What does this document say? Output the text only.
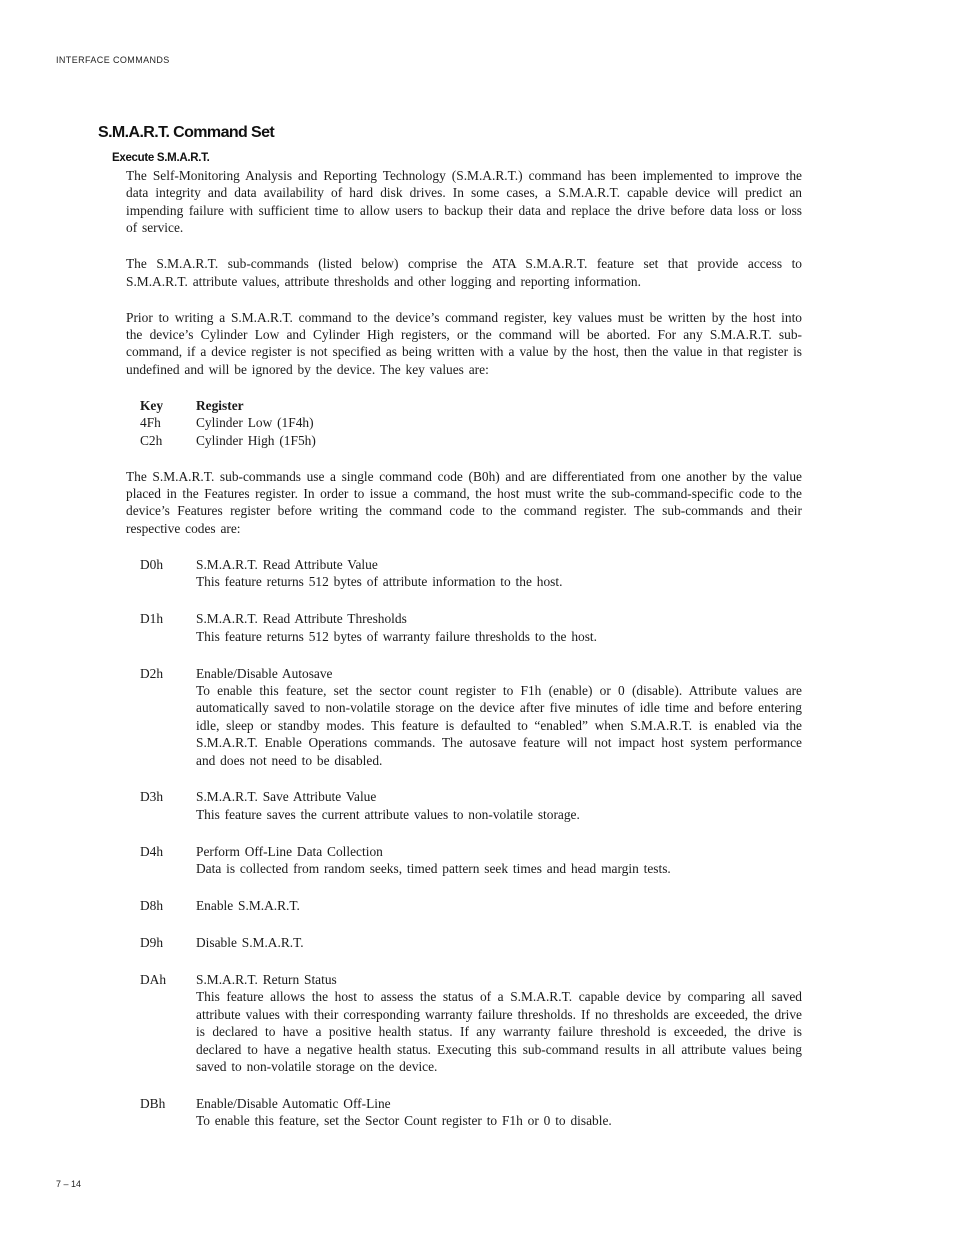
INTERFACE COMMANDS
S.M.A.R.T. Command Set
Execute S.M.A.R.T.

The Self-Monitoring Analysis and Reporting Technology (S.M.A.R.T.) command has been implemented to improve the data integrity and data availability of hard disk drives. In some cases, a S.M.A.R.T. capable device will predict an impending failure with sufficient time to allow users to backup their data and replace the drive before data loss or loss of service.

The S.M.A.R.T. sub-commands (listed below) comprise the ATA S.M.A.R.T. feature set that provide access to S.M.A.R.T. attribute values, attribute thresholds and other logging and reporting information.

Prior to writing a S.M.A.R.T. command to the device’s command register, key values must be written by the host into the device’s Cylinder Low and Cylinder High registers, or the command will be aborted. For any S.M.A.R.T. sub-command, if a device register is not specified as being written with a value by the host, then the value in that register is undefined and will be ignored by the device. The key values are:

Key	Register
4Fh	Cylinder Low (1F4h)
C2h	Cylinder High (1F5h)

The S.M.A.R.T. sub-commands use a single command code (B0h) and are differentiated from one another by the value placed in the Features register. In order to issue a command, the host must write the sub-command-specific code to the device’s Features register before writing the command code to the command register. The sub-commands and their respective codes are:

D0h	S.M.A.R.T. Read Attribute Value
This feature returns 512 bytes of attribute information to the host.
D1h	S.M.A.R.T. Read Attribute Thresholds
This feature returns 512 bytes of warranty failure thresholds to the host.
D2h	Enable/Disable Autosave
To enable this feature, set the sector count register to F1h (enable) or 0 (disable). Attribute values are automatically saved to non-volatile storage on the device after five minutes of idle time and before entering idle, sleep or standby modes. This feature is defaulted to “enabled” when S.M.A.R.T. is enabled via the S.M.A.R.T. Enable Operations commands. The autosave feature will not impact host system performance and does not need to be disabled.
D3h	S.M.A.R.T. Save Attribute Value
This feature saves the current attribute values to non-volatile storage.
D4h	Perform Off-Line Data Collection
Data is collected from random seeks, timed pattern seek times and head margin tests.
D8h	Enable S.M.A.R.T.
D9h	Disable S.M.A.R.T.
DAh	S.M.A.R.T. Return Status
This feature allows the host to assess the status of a S.M.A.R.T. capable device by comparing all saved attribute values with their corresponding warranty failure thresholds. If no thresholds are exceeded, the drive is declared to have a positive health status. If any warranty failure threshold is exceeded, the drive is declared to have a negative health status. Executing this sub-command results in all attribute values being saved to non-volatile storage on the device.
DBh	Enable/Disable Automatic Off-Line
To enable this feature, set the Sector Count register to F1h or 0 to disable.
7 – 14
